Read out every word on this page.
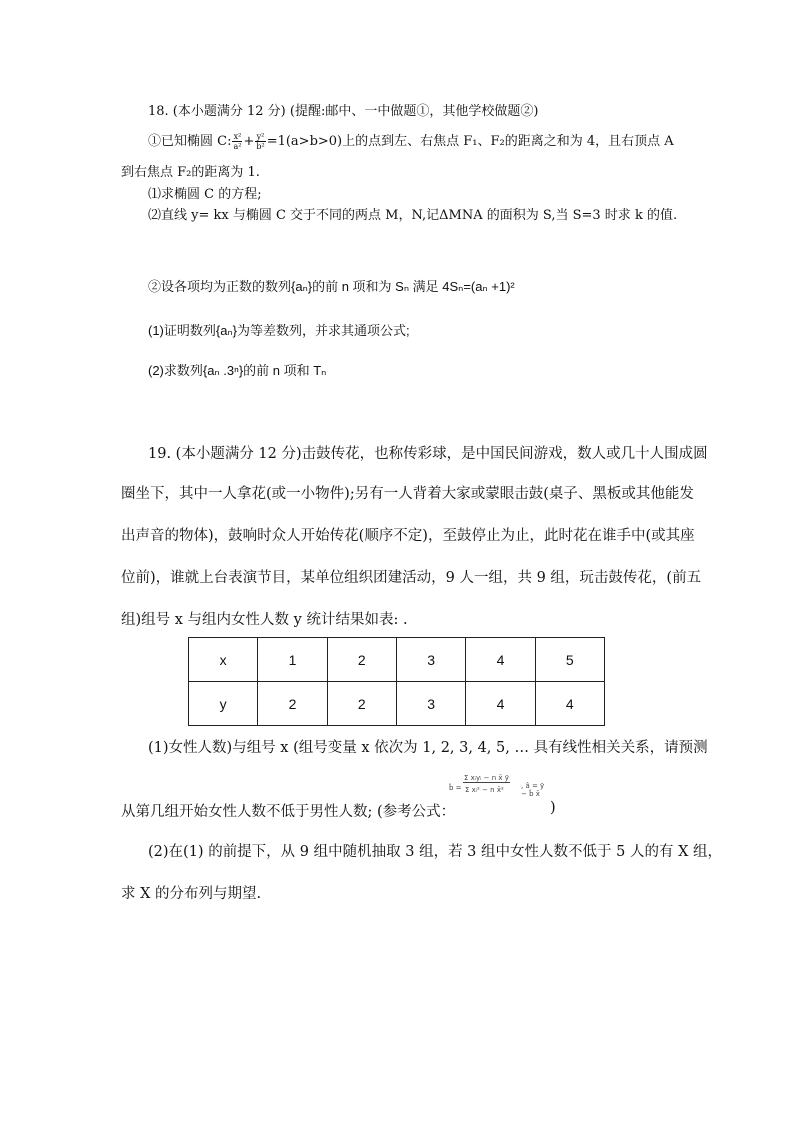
18. (本小题满分 12 分) (提醒:邮中、一中做题①，其他学校做题②)
①已知椭圆 C: $\frac{\text{x²}}{\text{a²}} + \frac{\text{y²}}{\text{b²}} =1(a>b>0)$上的点到左、右焦点 F₁、F₂的距离之和为 4，且右顶点 A
到右焦点 F₂的距离为 1.
⑴求椭圆 C 的方程;
⑵直线 y= kx 与椭圆 C 交于不同的两点 M，N,记ΔMNA 的面积为 S,当 S=3 时求 k 的值.
②设各项均为正数的数列{aₙ}的前 n 项和为 Sₙ 满足 4Sₙ=(aₙ +1)²
(1)证明数列{aₙ}为等差数列，并求其通项公式;
(2)求数列{aₙ .3ⁿ}的前 n 项和 Tₙ
19. (本小题满分 12 分)击鼓传花，也称传彩球，是中国民间游戏，数人或几十人围成圆
圈坐下，其中一人拿花(或一小物件);另有一人背着大家或蒙眼击鼓(桌子、黑板或其他能发
出声音的物体)，鼓响时众人开始传花(顺序不定)，至鼓停止为止，此时花在谁手中(或其座
位前)，谁就上台表演节目，某单位组织团建活动，9 人一组，共 9 组，玩击鼓传花，(前五
组)组号 x 与组内女性人数 y 统计结果如表: .
x	1	2	3	4	5
y	2	2	3	4	4
(1)女性人数)与组号 x (组号变量 x 依次为 1, 2, 3, 4, 5, … 具有线性相关关系，请预测
从第几组开始女性人数不低于男性人数; (参考公式：
b̂ =
Σ xᵢyᵢ − n x̄ ȳ
Σ xᵢ² − n x̄² , â = ȳ − b̂ x̄
)
(2)在(1) 的前提下，从 9 组中随机抽取 3 组，若 3 组中女性人数不低于 5 人的有 X 组，
求 X 的分布列与期望.
